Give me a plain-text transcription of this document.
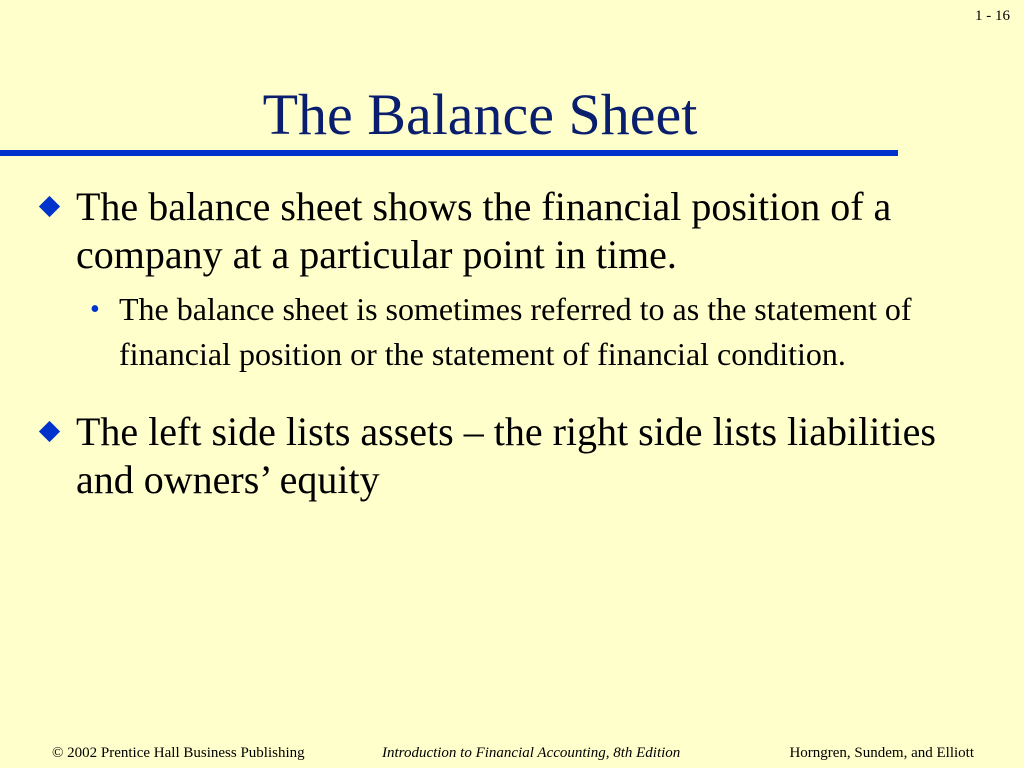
1 - 16
The Balance Sheet
The balance sheet shows the financial position of a company at a particular point in time.
• The balance sheet is sometimes referred to as the statement of financial position or the statement of financial condition.
The left side lists assets – the right side lists liabilities and owners’ equity
© 2002 Prentice Hall Business Publishing	Introduction to Financial Accounting, 8th Edition	Horngren, Sundem, and Elliott
